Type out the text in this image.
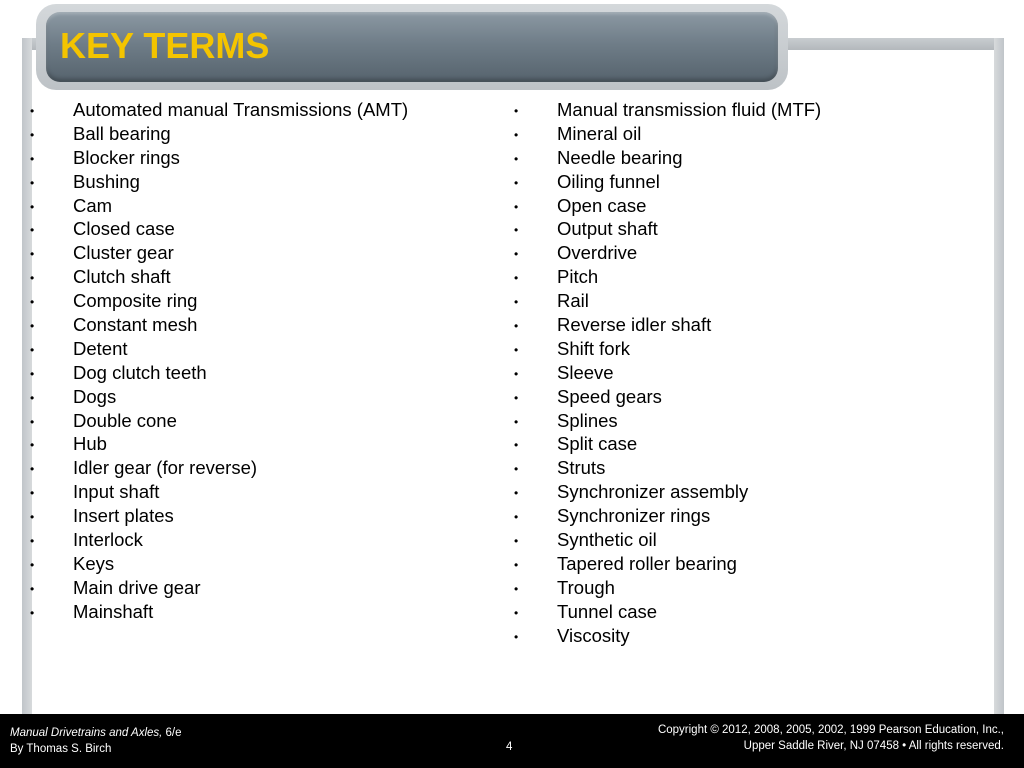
KEY TERMS
• Automated manual Transmissions (AMT)
• Ball bearing
• Blocker rings
• Bushing
• Cam
• Closed case
• Cluster gear
• Clutch shaft
• Composite ring
• Constant mesh
• Detent
• Dog clutch teeth
• Dogs
• Double cone
• Hub
• Idler gear (for reverse)
• Input shaft
• Insert plates
• Interlock
• Keys
• Main drive gear
• Mainshaft
• Manual transmission fluid (MTF)
• Mineral oil
• Needle bearing
• Oiling funnel
• Open case
• Output shaft
• Overdrive
• Pitch
• Rail
• Reverse idler shaft
• Shift fork
• Sleeve
• Speed gears
• Splines
• Split case
• Struts
• Synchronizer assembly
• Synchronizer rings
• Synthetic oil
• Tapered roller bearing
• Trough
• Tunnel case
• Viscosity
Manual Drivetrains and Axles, 6/e
By Thomas S. Birch	4
Copyright © 2012, 2008, 2005, 2002, 1999 Pearson Education, Inc.,
Upper Saddle River, NJ 07458 • All rights reserved.
